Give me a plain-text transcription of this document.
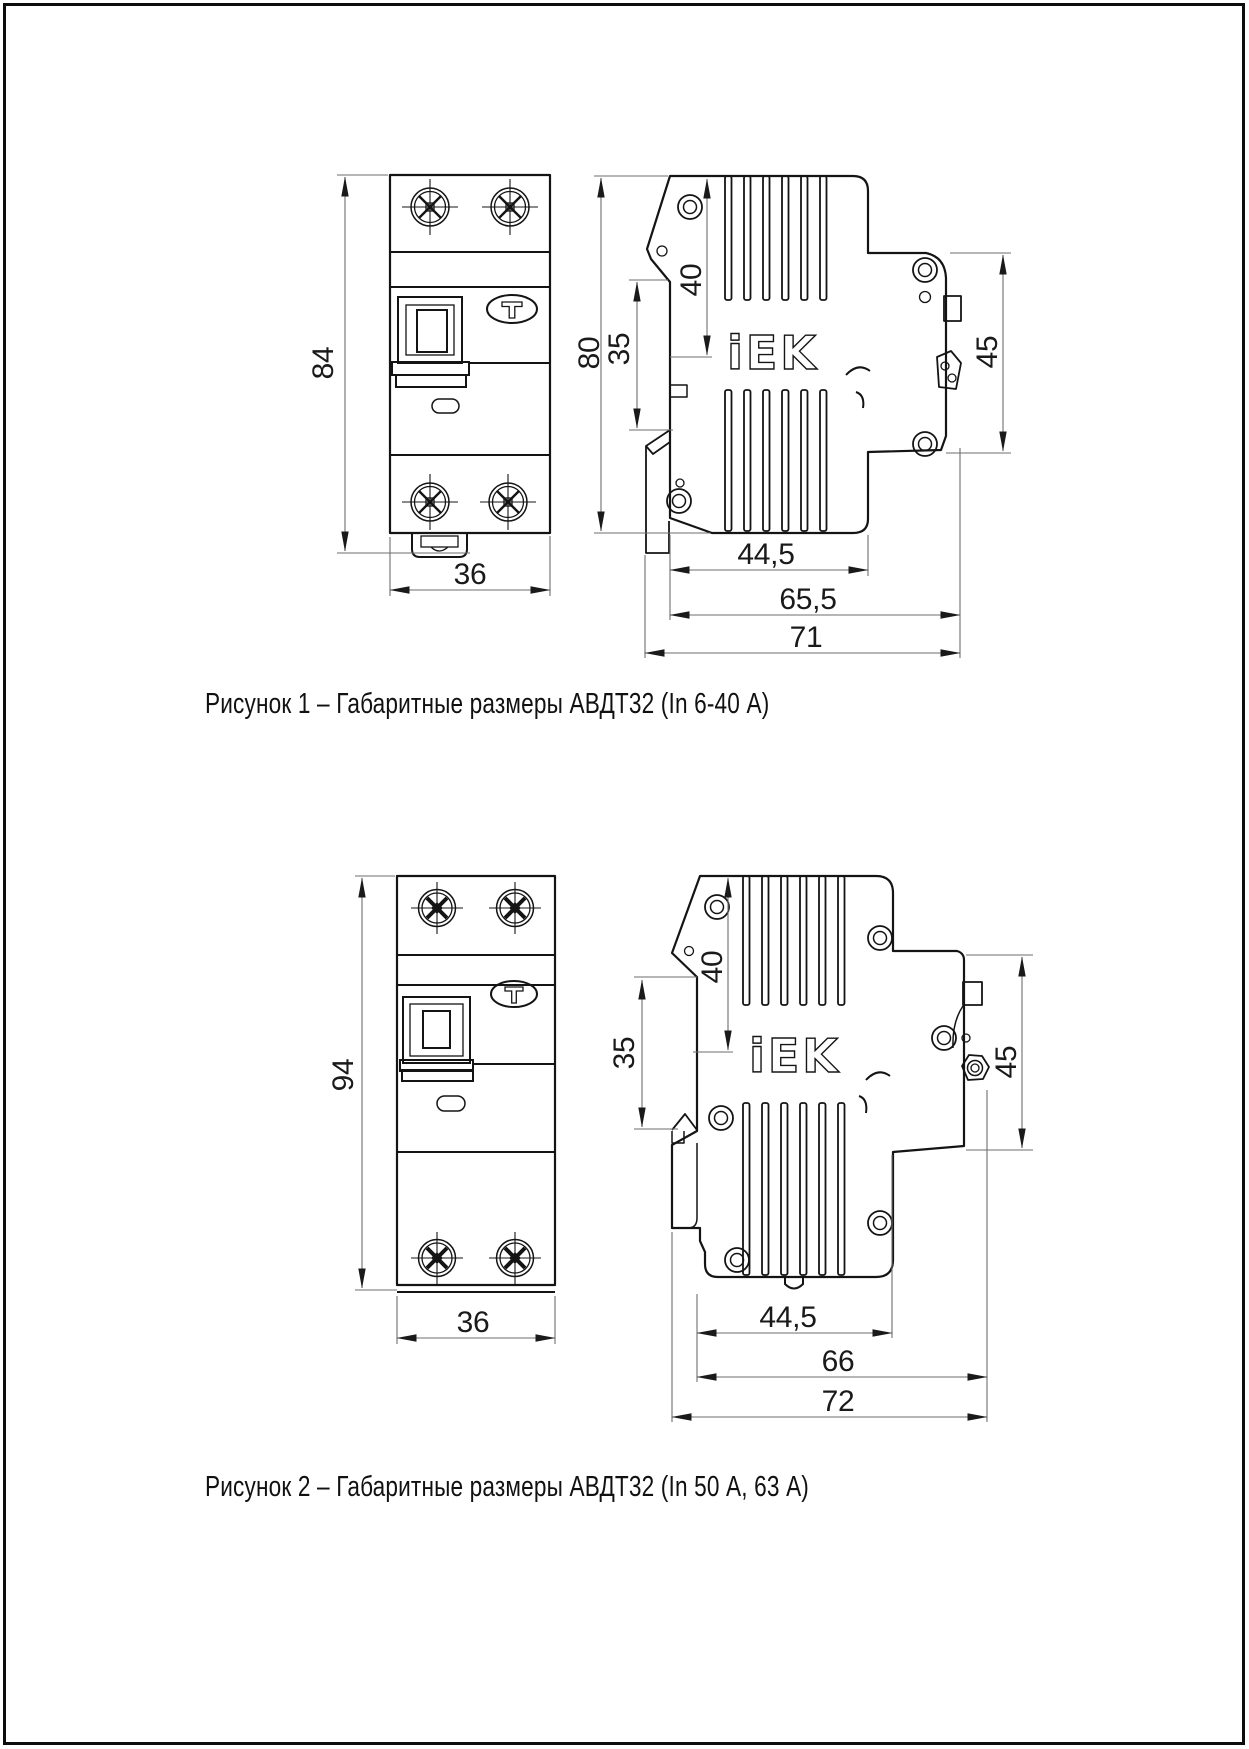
iEK
84
36
80
35
40
45
44,5
65,5
71
iEK
94
36
40
35	45
44,5
66
72
Рисунок 1 – Габаритные размеры АВДТ32 (In 6-40 А)
Рисунок 2 – Габаритные размеры АВДТ32 (In 50 А, 63 А)
